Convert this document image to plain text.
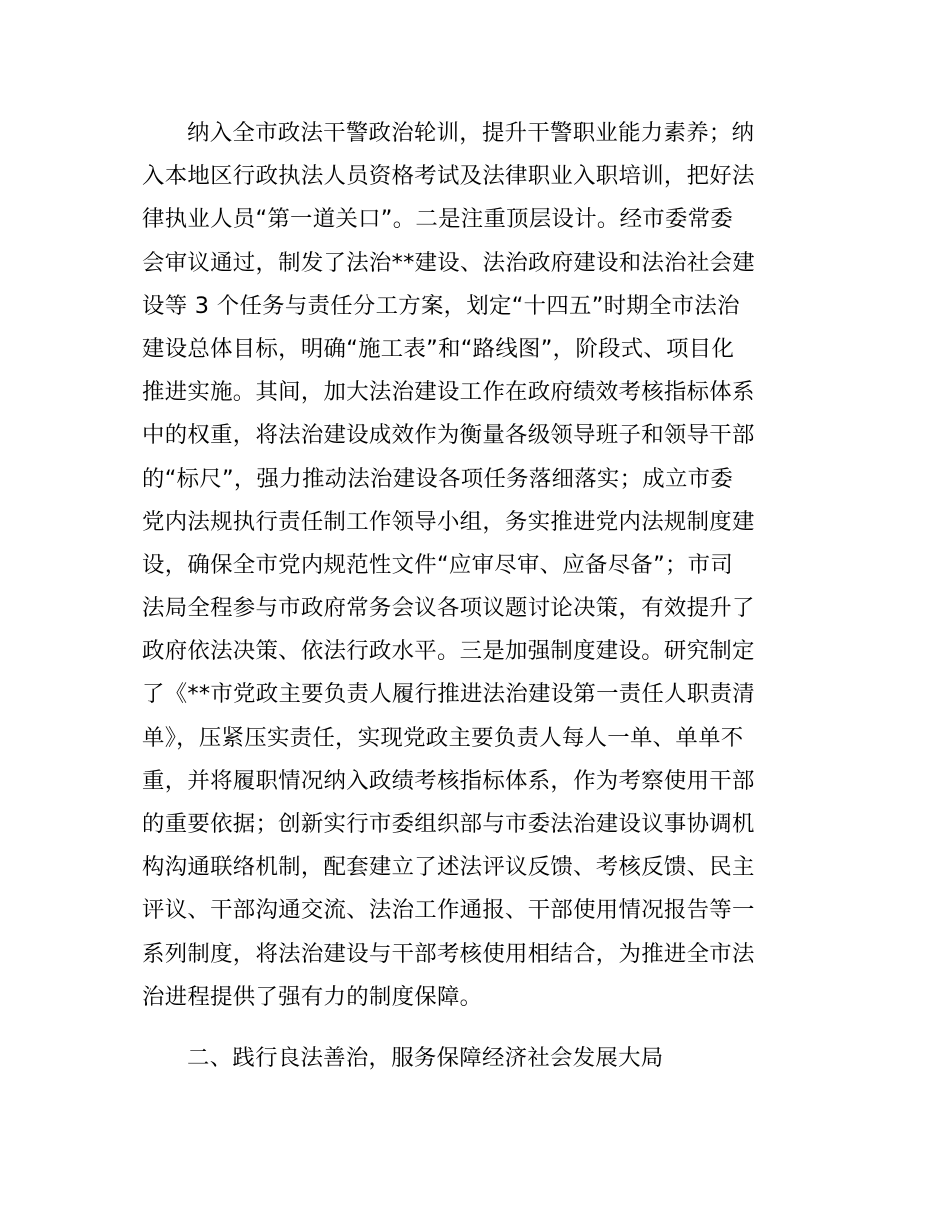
纳入全市政法干警政治轮训，提升干警职业能力素养；纳
入本地区行政执法人员资格考试及法律职业入职培训，把好法
律执业人员“第一道关口”。二是注重顶层设计。经市委常委
会审议通过，制发了法治**建设、法治政府建设和法治社会建
设等 3 个任务与责任分工方案，划定“十四五”时期全市法治
建设总体目标，明确“施工表”和“路线图”，阶段式、项目化
推进实施。其间，加大法治建设工作在政府绩效考核指标体系
中的权重，将法治建设成效作为衡量各级领导班子和领导干部
的“标尺”，强力推动法治建设各项任务落细落实；成立市委
党内法规执行责任制工作领导小组，务实推进党内法规制度建
设，确保全市党内规范性文件“应审尽审、应备尽备”；市司
法局全程参与市政府常务会议各项议题讨论决策，有效提升了
政府依法决策、依法行政水平。三是加强制度建设。研究制定
了《**市党政主要负责人履行推进法治建设第一责任人职责清
单》，压紧压实责任，实现党政主要负责人每人一单、单单不
重，并将履职情况纳入政绩考核指标体系，作为考察使用干部
的重要依据；创新实行市委组织部与市委法治建设议事协调机
构沟通联络机制，配套建立了述法评议反馈、考核反馈、民主
评议、干部沟通交流、法治工作通报、干部使用情况报告等一
系列制度，将法治建设与干部考核使用相结合，为推进全市法
治进程提供了强有力的制度保障。
二、践行良法善治，服务保障经济社会发展大局
